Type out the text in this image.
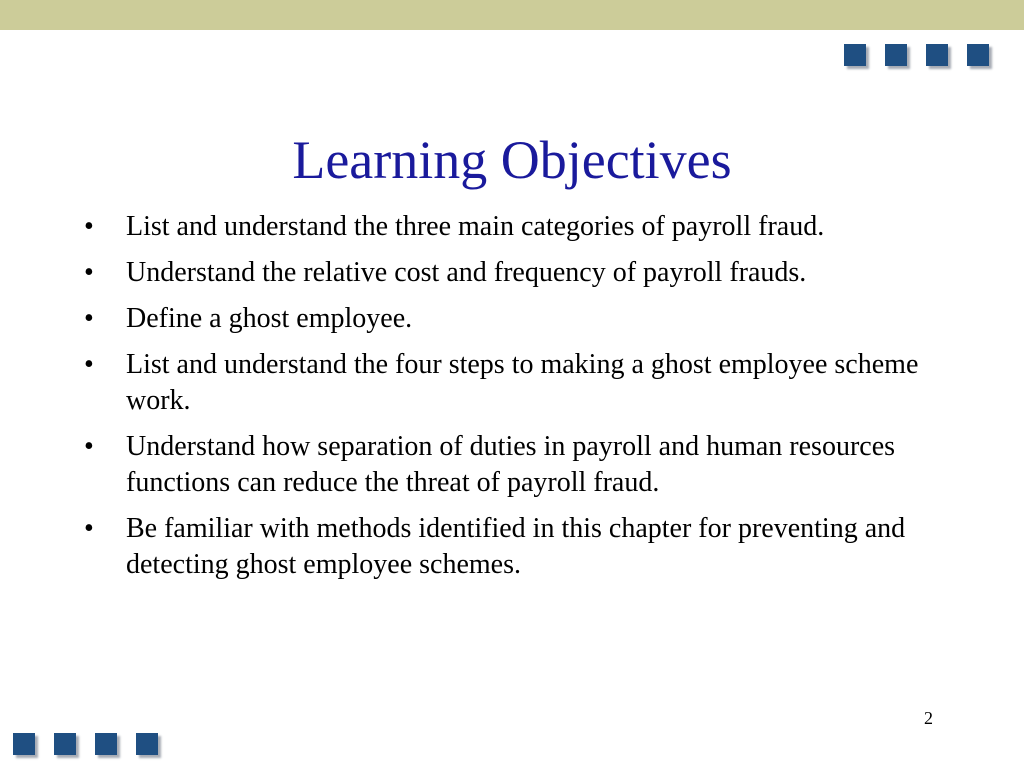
Learning Objectives
•	List and understand the three main categories of payroll fraud.
•	Understand the relative cost and frequency of payroll frauds.
•	Define a ghost employee.
•	List and understand the four steps to making a ghost employee scheme work.
•	Understand how separation of duties in payroll and human resources functions can reduce the threat of payroll fraud.
•	Be familiar with methods identified in this chapter for preventing and detecting ghost employee schemes.
2
